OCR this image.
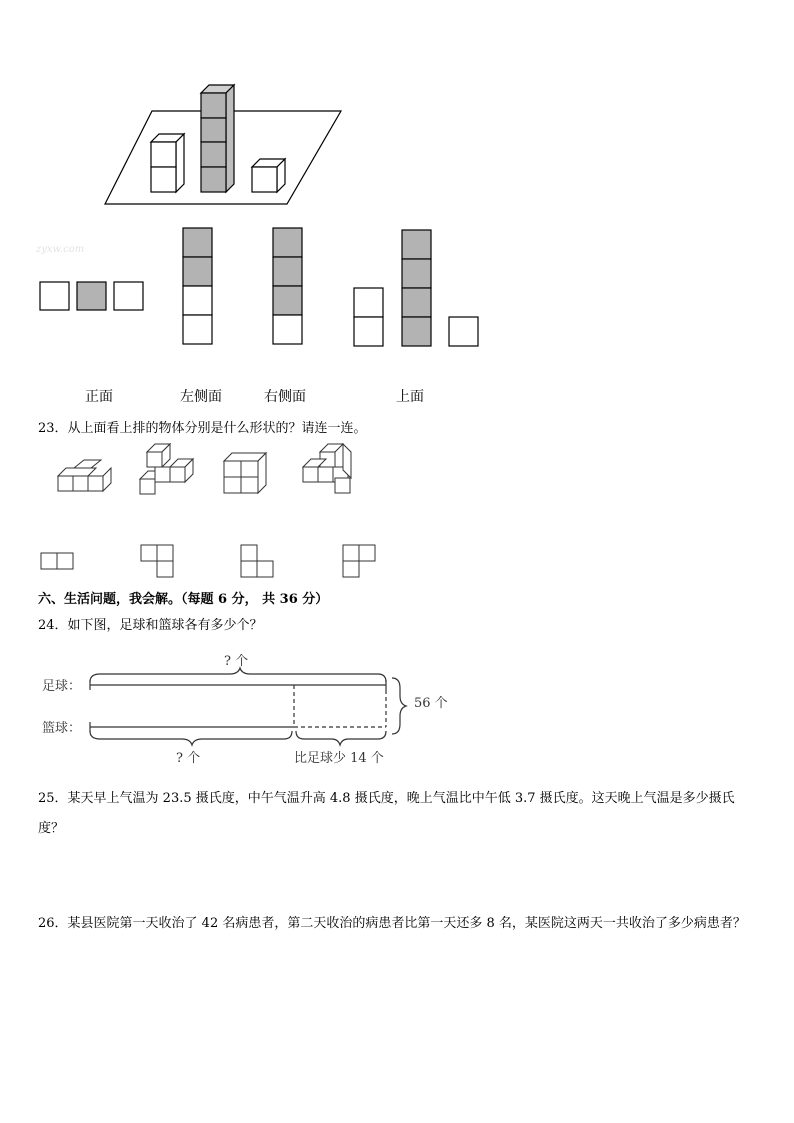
zyxw.com
正面	左侧面	右侧面	上面
23．从上面看上排的物体分别是什么形状的？请连一连。
六、生活问题，我会解。（每题 6 分， 共 36 分）
24．如下图，足球和篮球各有多少个？
足球：
篮球：
? 个
? 个
56 个
比足球少 14 个
25．某天早上气温为 23.5 摄氏度，中午气温升高 4.8 摄氏度，晚上气温比中午低 3.7 摄氏度。这天晚上气温是多少摄氏度？
26．某县医院第一天收治了 42 名病患者，第二天收治的病患者比第一天还多 8 名，某医院这两天一共收治了多少病患者？
